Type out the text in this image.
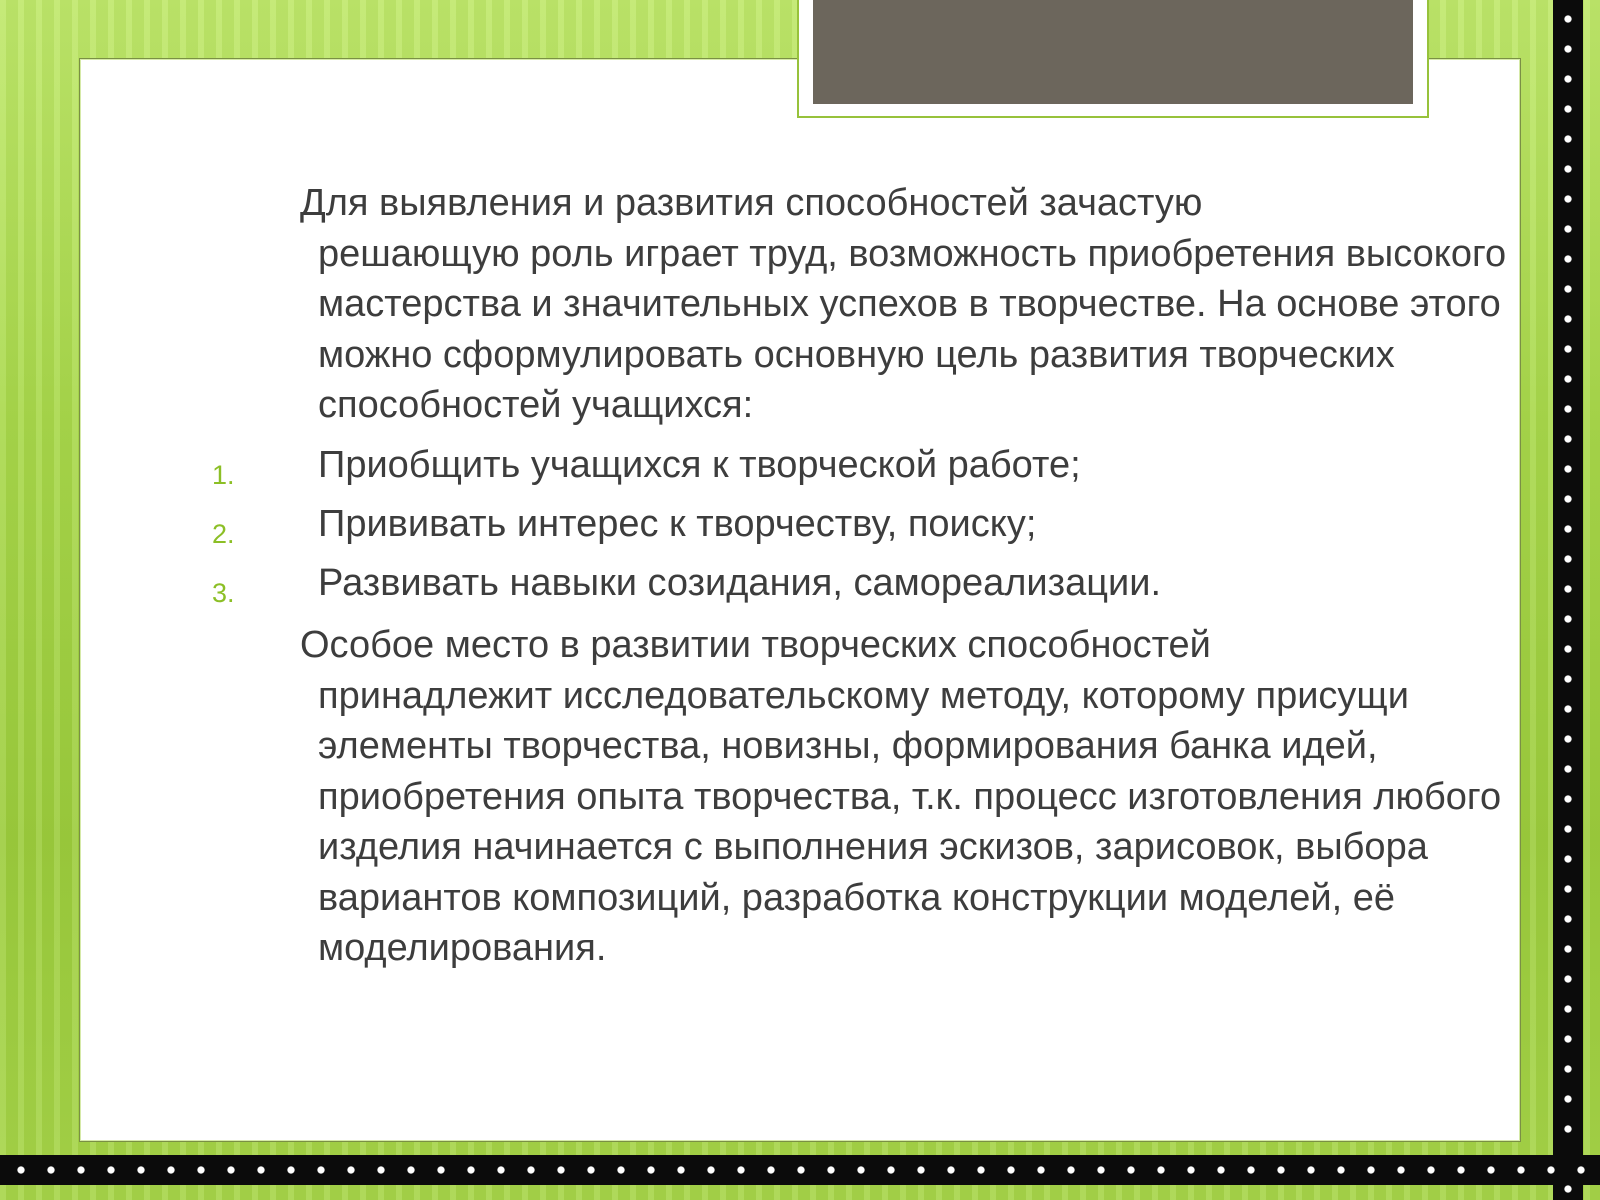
Для выявления и развития способностей зачастую
решающую роль играет труд, возможность приобретения высокого мастерства и значительных успехов в творчестве. На основе этого можно сформулировать основную цель развития творческих способностей учащихся:

1. Приобщить учащихся к творческой работе;
2. Прививать интерес к творчеству, поиску;
3. Развивать навыки созидания, самореализации.

Особое место в развитии творческих способностей
принадлежит исследовательскому методу, которому присущи элементы творчества, новизны, формирования банка идей, приобретения опыта творчества, т.к. процесс изготовления любого изделия начинается с выполнения эскизов, зарисовок, выбора вариантов композиций, разработка конструкции моделей, её моделирования.
